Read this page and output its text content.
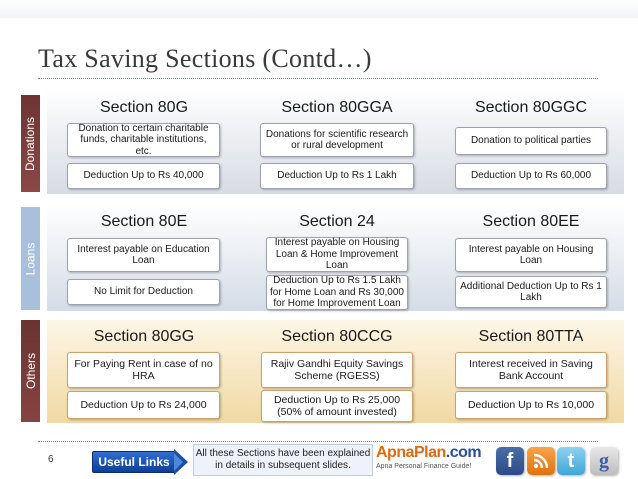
Tax Saving Sections (Contd…)
Donations
Loans
Others
Section 80G
Donation to certain charitable funds, charitable institutions, etc.
Deduction Up to Rs 40,000
Section 80GGA
Donations for scientific research or rural development
Deduction Up to Rs 1 Lakh
Section 80GGC
Donation to political parties
Deduction Up to Rs 60,000
Section 80E
Interest payable on Education Loan
No Limit for Deduction
Section 24
Interest payable on Housing Loan & Home Improvement Loan
Deduction Up to Rs 1.5 Lakh for Home Loan and Rs 30,000 for Home Improvement Loan
Section 80EE
Interest payable on Housing Loan
Additional Deduction Up to Rs 1 Lakh
Section 80GG
For Paying Rent in case of no HRA
Deduction Up to Rs 24,000
Section 80CCG
Rajiv Gandhi Equity Savings Scheme (RGESS)
Deduction Up to Rs 25,000 (50% of amount invested)
Section 80TTA
Interest received in Saving Bank Account
Deduction Up to Rs 10,000
6	Useful Links
All these Sections have been explained in details in subsequent slides.
ApnaPlan.com
Apna Personal Finance Guide!	f	t	g
